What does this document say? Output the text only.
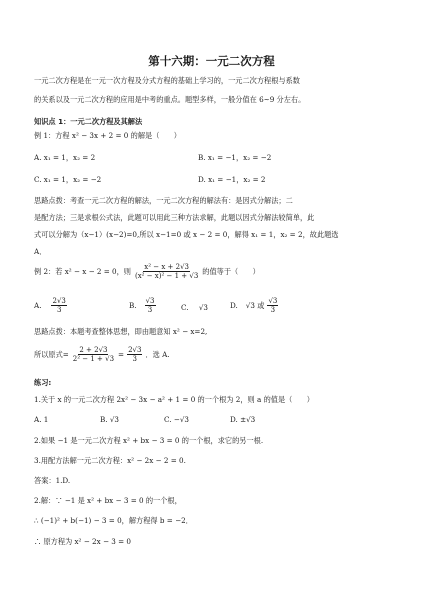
第十六期：一元二次方程
一元二次方程是在一元一次方程及分式方程的基础上学习的，一元二次方程根与系数
的关系以及一元二次方程的应用是中考的重点。题型多样，一般分值在 6~9 分左右。
知识点 1：一元二次方程及其解法
例 1：方程 x² − 3x + 2 = 0 的解是（　　）
A. x₁ = 1，x₂ = 2	B. x₁ = −1，x₂ = −2
C. x₁ = 1，x₂ = −2	D. x₁ = −1，x₂ = 2
思路点拨：考查一元二次方程的解法，一元二次方程的解法有：是因式分解法；二
是配方法；三是求根公式法，此题可以用此三种方法求解，此题以因式分解法较简单，此
式可以分解为（x−1）(x−2)=0,所以 x−1=0 或 x − 2 = 0，解得 x₁ = 1，x₂ = 2，故此题选
A．
例 2：若 x² − x − 2 = 0，则 $\frac{\text{x² − x + 2√3}}{\text{(x² − x)² − 1 + √3}}$ 的值等于（　　）
A. $\frac{2√3}{3}$	B. $\frac{√3}{3}$	C. √3	D. √3 或 $\frac{√3}{3}$
思路点拨：本题考查整体思想，即由题意知 x² − x=2,
所以原式= $\frac{2 + 2√3}{\text{2² − 1 + √3}} = \frac{2√3}{3}$ ．选 A.
练习:
1.关于 x 的一元二次方程 2x² − 3x − a² + 1 = 0 的一个根为 2，则 a 的值是（　　）
A. 1	B. √3	C. −√3	D. ±√3
2.如果 −1 是一元二次方程 x² + bx − 3 = 0 的一个根，求它的另一根.
3.用配方法解一元二次方程：x² − 2x − 2 = 0.
答案：1.D.
2.解：∵ −1 是 x² + bx − 3 = 0 的一个根，
∴ (−1)² + b(−1) − 3 = 0，解方程得 b = −2．
∴ 原方程为 x² − 2x − 3 = 0
